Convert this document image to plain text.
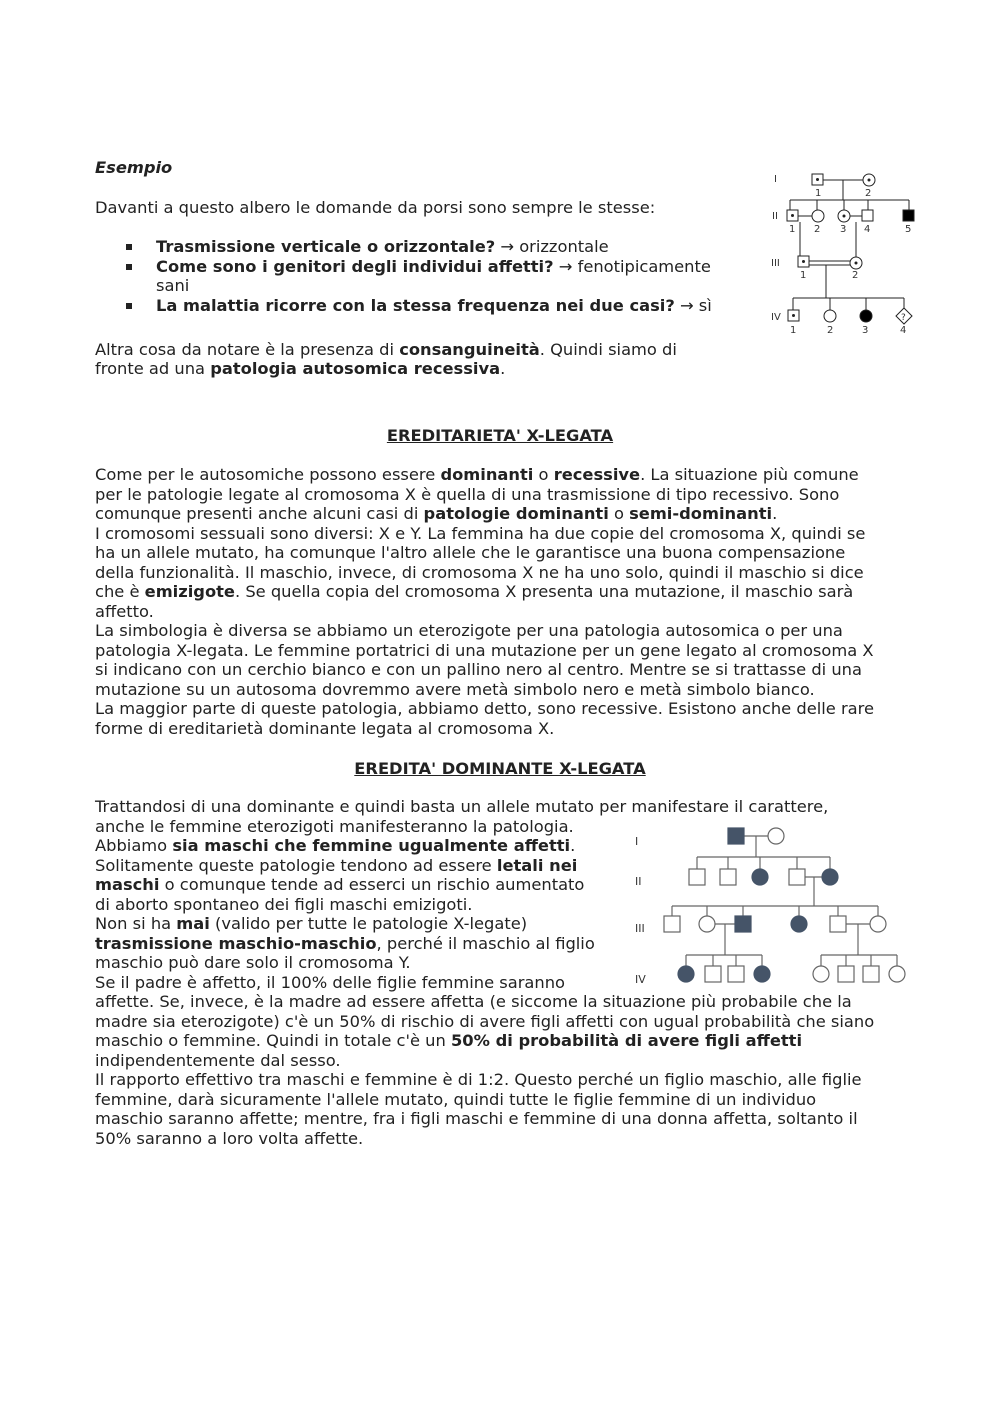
Esempio

Davanti a questo albero le domande da porsi sono sempre le stesse:

Trasmissione verticale o orizzontale? → orizzontale
Come sono i genitori degli individui affetti? → fenotipicamente
sani
La malattia ricorre con la stessa frequenza nei due casi? → sì

Altra cosa da notare è la presenza di consanguineità. Quindi siamo di

fronte ad una patologia autosomica recessiva.

I
II
III
IV
1	2
1 2 3 4	5
1	2
1	2	3	4
?

EREDITARIETA' X-LEGATA

Come per le autosomiche possono essere dominanti o recessive. La situazione più comune

per le patologie legate al cromosoma X è quella di una trasmissione di tipo recessivo. Sono

comunque presenti anche alcuni casi di patologie dominanti o semi-dominanti.

I cromosomi sessuali sono diversi: X e Y. La femmina ha due copie del cromosoma X, quindi se

ha un allele mutato, ha comunque l'altro allele che le garantisce una buona compensazione

della funzionalità. Il maschio, invece, di cromosoma X ne ha uno solo, quindi il maschio si dice

che è emizigote. Se quella copia del cromosoma X presenta una mutazione, il maschio sarà

affetto.

La simbologia è diversa se abbiamo un eterozigote per una patologia autosomica o per una

patologia X-legata. Le femmine portatrici di una mutazione per un gene legato al cromosoma X

si indicano con un cerchio bianco e con un pallino nero al centro. Mentre se si trattasse di una

mutazione su un autosoma dovremmo avere metà simbolo nero e metà simbolo bianco.

La maggior parte di queste patologia, abbiamo detto, sono recessive. Esistono anche delle rare

forme di ereditarietà dominante legata al cromosoma X.

EREDITA' DOMINANTE X-LEGATA

Trattandosi di una dominante e quindi basta un allele mutato per manifestare il carattere,

anche le femmine eterozigoti manifesteranno la patologia.

Abbiamo sia maschi che femmine ugualmente affetti.

Solitamente queste patologie tendono ad essere letali nei

maschi o comunque tende ad esserci un rischio aumentato

di aborto spontaneo dei figli maschi emizigoti.

Non si ha mai (valido per tutte le patologie X-legate)

trasmissione maschio-maschio, perché il maschio al figlio

maschio può dare solo il cromosoma Y.

Se il padre è affetto, il 100% delle figlie femmine saranno

affette. Se, invece, è la madre ad essere affetta (e siccome la situazione più probabile che la

madre sia eterozigote) c'è un 50% di rischio di avere figli affetti con ugual probabilità che siano

maschio o femmine. Quindi in totale c'è un 50% di probabilità di avere figli affetti

indipendentemente dal sesso.

Il rapporto effettivo tra maschi e femmine è di 1:2. Questo perché un figlio maschio, alle figlie

femmine, darà sicuramente l'allele mutato, quindi tutte le figlie femmine di un individuo

maschio saranno affette; mentre, fra i figli maschi e femmine di una donna affetta, soltanto il

50% saranno a loro volta affette.

I
II
III
IV
